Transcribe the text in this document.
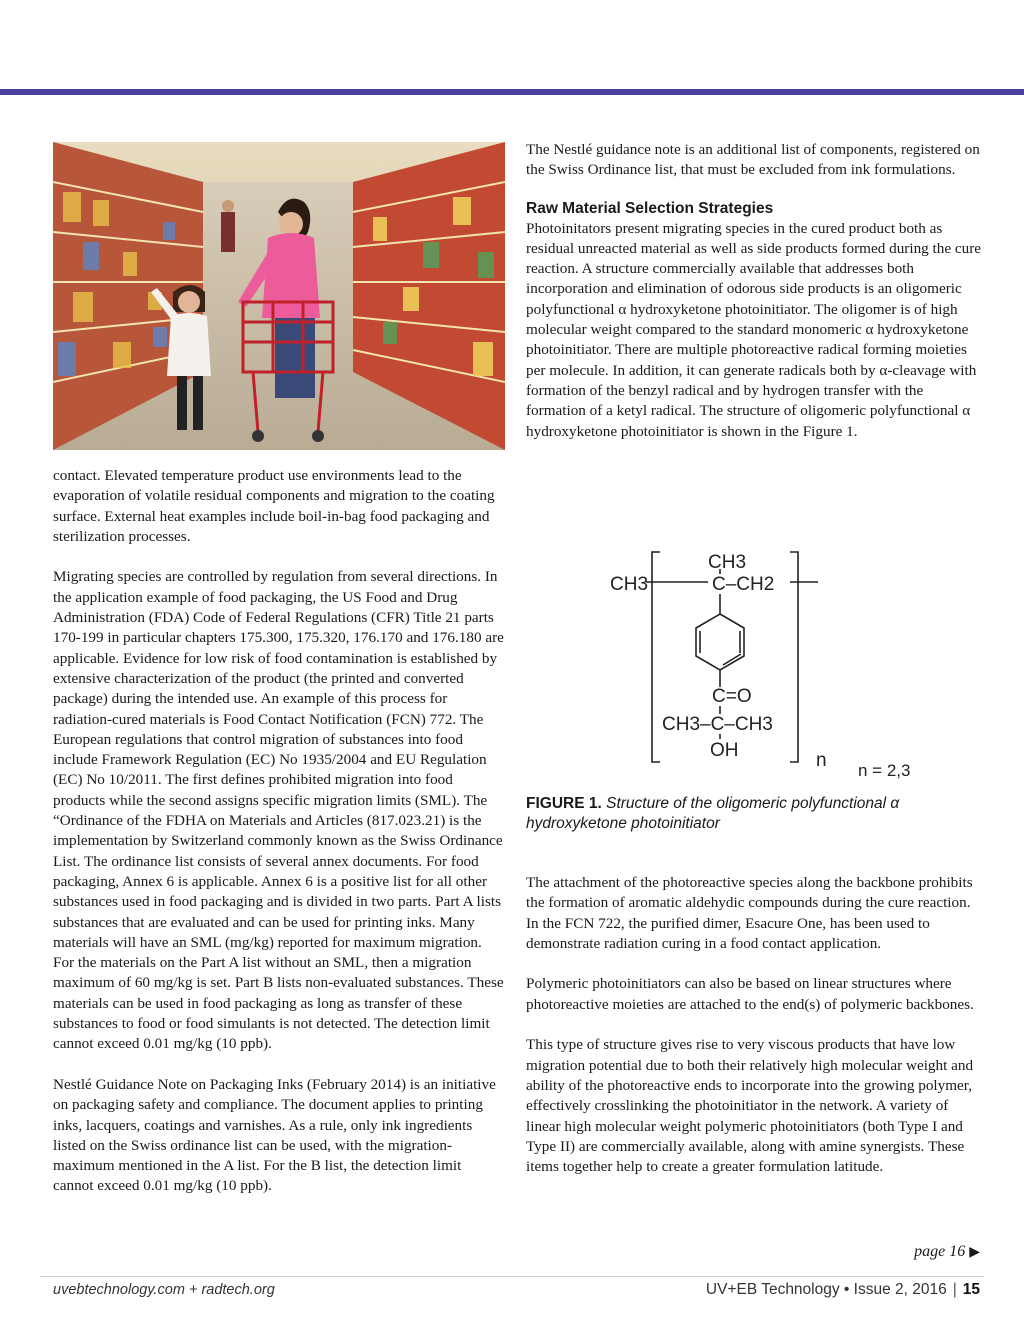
contact. Elevated temperature product use environments lead to the evaporation of volatile residual components and migration to the coating surface. External heat examples include boil-in-bag food packaging and sterilization processes.

Migrating species are controlled by regulation from several directions. In the application example of food packaging, the US Food and Drug Administration (FDA) Code of Federal Regulations (CFR) Title 21 parts 170-199 in particular chapters 175.300, 175.320, 176.170 and 176.180 are applicable. Evidence for low risk of food contamination is established by extensive characterization of the product (the printed and converted package) during the intended use. An example of this process for radiation-cured materials is Food Contact Notification (FCN) 772. The European regulations that control migration of substances into food include Framework Regulation (EC) No 1935/2004 and EU Regulation (EC) No 10/2011. The first defines prohibited migration into food products while the second assigns specific migration limits (SML). The “Ordinance of the FDHA on Materials and Articles (817.023.21) is the implementation by Switzerland commonly known as the Swiss Ordinance List. The ordinance list consists of several annex documents. For food packaging, Annex 6 is applicable. Annex 6 is a positive list for all other substances used in food packaging and is divided in two parts. Part A lists substances that are evaluated and can be used for printing inks. Many materials will have an SML (mg/kg) reported for maximum migration. For the materials on the Part A list without an SML, then a migration maximum of 60 mg/kg is set. Part B lists non-evaluated substances. These materials can be used in food packaging as long as transfer of these substances to food or food simulants is not detected. The detection limit cannot exceed 0.01 mg/kg (10 ppb).

Nestlé Guidance Note on Packaging Inks (February 2014) is an initiative on packaging safety and compliance. The document applies to printing inks, lacquers, coatings and varnishes. As a rule, only ink ingredients listed on the Swiss ordinance list can be used, with the migration-maximum mentioned in the A list. For the B list, the detection limit cannot exceed 0.01 mg/kg (10 ppb).

The Nestlé guidance note is an additional list of components, registered on the Swiss Ordinance list, that must be excluded from ink formulations.

Raw Material Selection Strategies

Photoinitators present migrating species in the cured product both as residual unreacted material as well as side products formed during the cure reaction. A structure commercially available that addresses both incorporation and elimination of odorous side products is an oligomeric polyfunctional α hydroxyketone photoinitiator. The oligomer is of high molecular weight compared to the standard monomeric α hydroxyketone photoinitiator. There are multiple photoreactive radical forming moieties per molecule. In addition, it can generate radicals both by α-cleavage with formation of the benzyl radical and by hydrogen transfer with the formation of a ketyl radical. The structure of oligomeric polyfunctional α hydroxyketone photoinitiator is shown in the Figure 1.

CH3
CH3	C–CH2
C=O
CH3–C–CH3
OH	n n = 2,3
FIGURE 1. Structure of the oligomeric polyfunctional α hydroxyketone photoinitiator

The attachment of the photoreactive species along the backbone prohibits the formation of aromatic aldehydic compounds during the cure reaction. In the FCN 722, the purified dimer, Esacure One, has been used to demonstrate radiation curing in a food contact application.

Polymeric photoinitiators can also be based on linear structures where photoreactive moieties are attached to the end(s) of polymeric backbones.

This type of structure gives rise to very viscous products that have low migration potential due to both their relatively high molecular weight and ability of the photoreactive ends to incorporate into the growing polymer, effectively crosslinking the photoinitiator in the network. A variety of linear high molecular weight polymeric photoinitiators (both Type I and Type II) are commercially available, along with amine synergists. These items together help to create a greater formulation latitude.

page 16 ▶
uvebtechnology.com + radtech.org	UV+EB Technology • Issue 2, 2016 | 15
